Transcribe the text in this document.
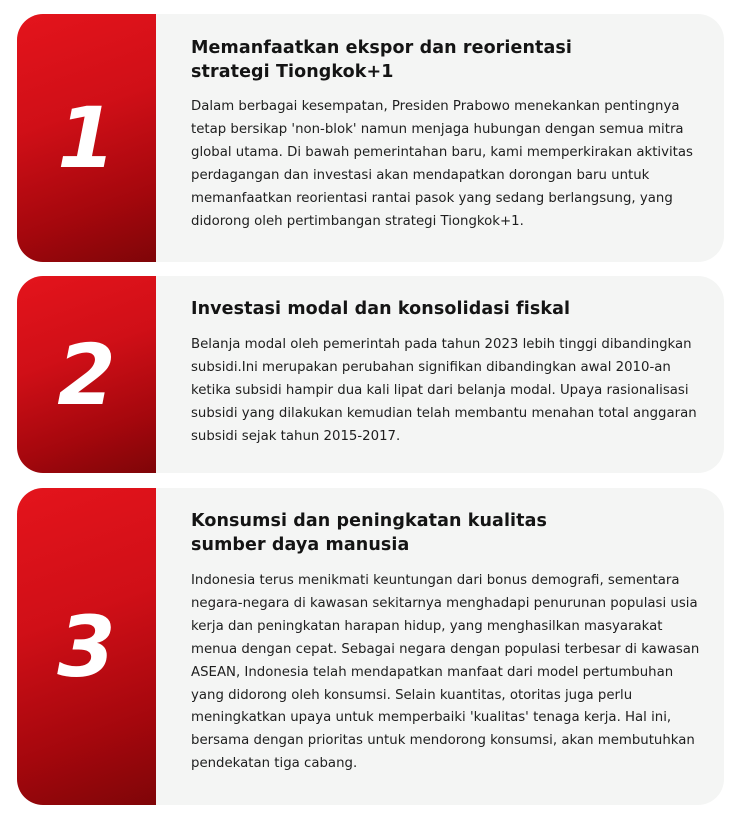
1
Memanfaatkan ekspor dan reorientasi
strategi Tiongkok+1

Dalam berbagai kesempatan, Presiden Prabowo menekankan pentingnya tetap bersikap 'non-blok' namun menjaga hubungan dengan semua mitra global utama. Di bawah pemerintahan baru, kami memperkirakan aktivitas perdagangan dan investasi akan mendapatkan dorongan baru untuk memanfaatkan reorientasi rantai pasok yang sedang berlangsung, yang didorong oleh pertimbangan strategi Tiongkok+1.

2
Investasi modal dan konsolidasi fiskal

Belanja modal oleh pemerintah pada tahun 2023 lebih tinggi dibandingkan subsidi.Ini merupakan perubahan signifikan dibandingkan awal 2010-an ketika subsidi hampir dua kali lipat dari belanja modal. Upaya rasionalisasi subsidi yang dilakukan kemudian telah membantu menahan total anggaran subsidi sejak tahun 2015-2017.

3
Konsumsi dan peningkatan kualitas
sumber daya manusia

Indonesia terus menikmati keuntungan dari bonus demografi, sementara negara-negara di kawasan sekitarnya menghadapi penurunan populasi usia kerja dan peningkatan harapan hidup, yang menghasilkan masyarakat menua dengan cepat. Sebagai negara dengan populasi terbesar di kawasan ASEAN, Indonesia telah mendapatkan manfaat dari model pertumbuhan yang didorong oleh konsumsi. Selain kuantitas, otoritas juga perlu meningkatkan upaya untuk memperbaiki 'kualitas' tenaga kerja. Hal ini, bersama dengan prioritas untuk mendorong konsumsi, akan membutuhkan pendekatan tiga cabang.
